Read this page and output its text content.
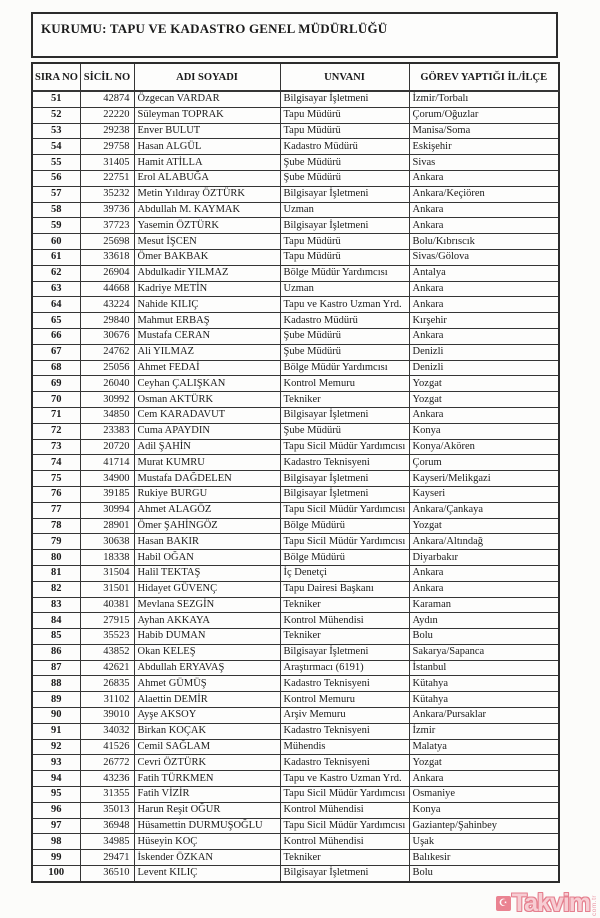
KURUMU: TAPU VE KADASTRO GENEL MÜDÜRLÜĞÜ
SIRA NO	SİCİL NO	ADI SOYADI	UNVANI	GÖREV YAPTIĞI İL/İLÇE
51	42874	Özgecan VARDAR	Bilgisayar İşletmeni	İzmir/Torbalı
52	22220	Süleyman TOPRAK	Tapu Müdürü	Çorum/Oğuzlar
53	29238	Enver BULUT	Tapu Müdürü	Manisa/Soma
54	29758	Hasan ALGÜL	Kadastro Müdürü	Eskişehir
55	31405	Hamit ATİLLA	Şube Müdürü	Sivas
56	22751	Erol ALABUĞA	Şube Müdürü	Ankara
57	35232	Metin Yıldıray ÖZTÜRK	Bilgisayar İşletmeni	Ankara/Keçiören
58	39736	Abdullah M. KAYMAK	Uzman	Ankara
59	37723	Yasemin ÖZTÜRK	Bilgisayar İşletmeni	Ankara
60	25698	Mesut İŞCEN	Tapu Müdürü	Bolu/Kıbrıscık
61	33618	Ömer BAKBAK	Tapu Müdürü	Sivas/Gölova
62	26904	Abdulkadir YILMAZ	Bölge Müdür Yardımcısı	Antalya
63	44668	Kadriye METİN	Uzman	Ankara
64	43224	Nahide KILIÇ	Tapu ve Kastro Uzman Yrd.	Ankara
65	29840	Mahmut ERBAŞ	Kadastro Müdürü	Kırşehir
66	30676	Mustafa CERAN	Şube Müdürü	Ankara
67	24762	Ali YILMAZ	Şube Müdürü	Denizli
68	25056	Ahmet FEDAİ	Bölge Müdür Yardımcısı	Denizli
69	26040	Ceyhan ÇALIŞKAN	Kontrol Memuru	Yozgat
70	30992	Osman AKTÜRK	Tekniker	Yozgat
71	34850	Cem KARADAVUT	Bilgisayar İşletmeni	Ankara
72	23383	Cuma APAYDIN	Şube Müdürü	Konya
73	20720	Adil ŞAHİN	Tapu Sicil Müdür Yardımcısı	Konya/Akören
74	41714	Murat KUMRU	Kadastro Teknisyeni	Çorum
75	34900	Mustafa DAĞDELEN	Bilgisayar İşletmeni	Kayseri/Melikgazi
76	39185	Rukiye BURGU	Bilgisayar İşletmeni	Kayseri
77	30994	Ahmet ALAGÖZ	Tapu Sicil Müdür Yardımcısı	Ankara/Çankaya
78	28901	Ömer ŞAHİNGÖZ	Bölge Müdürü	Yozgat
79	30638	Hasan BAKIR	Tapu Sicil Müdür Yardımcısı	Ankara/Altındağ
80	18338	Habil OĞAN	Bölge Müdürü	Diyarbakır
81	31504	Halil TEKTAŞ	İç Denetçi	Ankara
82	31501	Hidayet GÜVENÇ	Tapu Dairesi Başkanı	Ankara
83	40381	Mevlana SEZGİN	Tekniker	Karaman
84	27915	Ayhan AKKAYA	Kontrol Mühendisi	Aydın
85	35523	Habib DUMAN	Tekniker	Bolu
86	43852	Okan KELEŞ	Bilgisayar İşletmeni	Sakarya/Sapanca
87	42621	Abdullah ERYAVAŞ	Araştırmacı (6191)	İstanbul
88	26835	Ahmet GÜMÜŞ	Kadastro Teknisyeni	Kütahya
89	31102	Alaettin DEMİR	Kontrol Memuru	Kütahya
90	39010	Ayşe AKSOY	Arşiv Memuru	Ankara/Pursaklar
91	34032	Birkan KOÇAK	Kadastro Teknisyeni	İzmir
92	41526	Cemil SAĞLAM	Mühendis	Malatya
93	26772	Cevri ÖZTÜRK	Kadastro Teknisyeni	Yozgat
94	43236	Fatih TÜRKMEN	Tapu ve Kastro Uzman Yrd.	Ankara
95	31355	Fatih VİZİR	Tapu Sicil Müdür Yardımcısı	Osmaniye
96	35013	Harun Reşit OĞUR	Kontrol Mühendisi	Konya
97	36948	Hüsamettin DURMUŞOĞLU	Tapu Sicil Müdür Yardımcısı	Gaziantep/Şahinbey
98	34985	Hüseyin KOÇ	Kontrol Mühendisi	Uşak
99	29471	İskender ÖZKAN	Tekniker	Balıkesir
100	36510	Levent KILIÇ	Bilgisayar İşletmeni	Bolu
☪ Takvim com.tr
